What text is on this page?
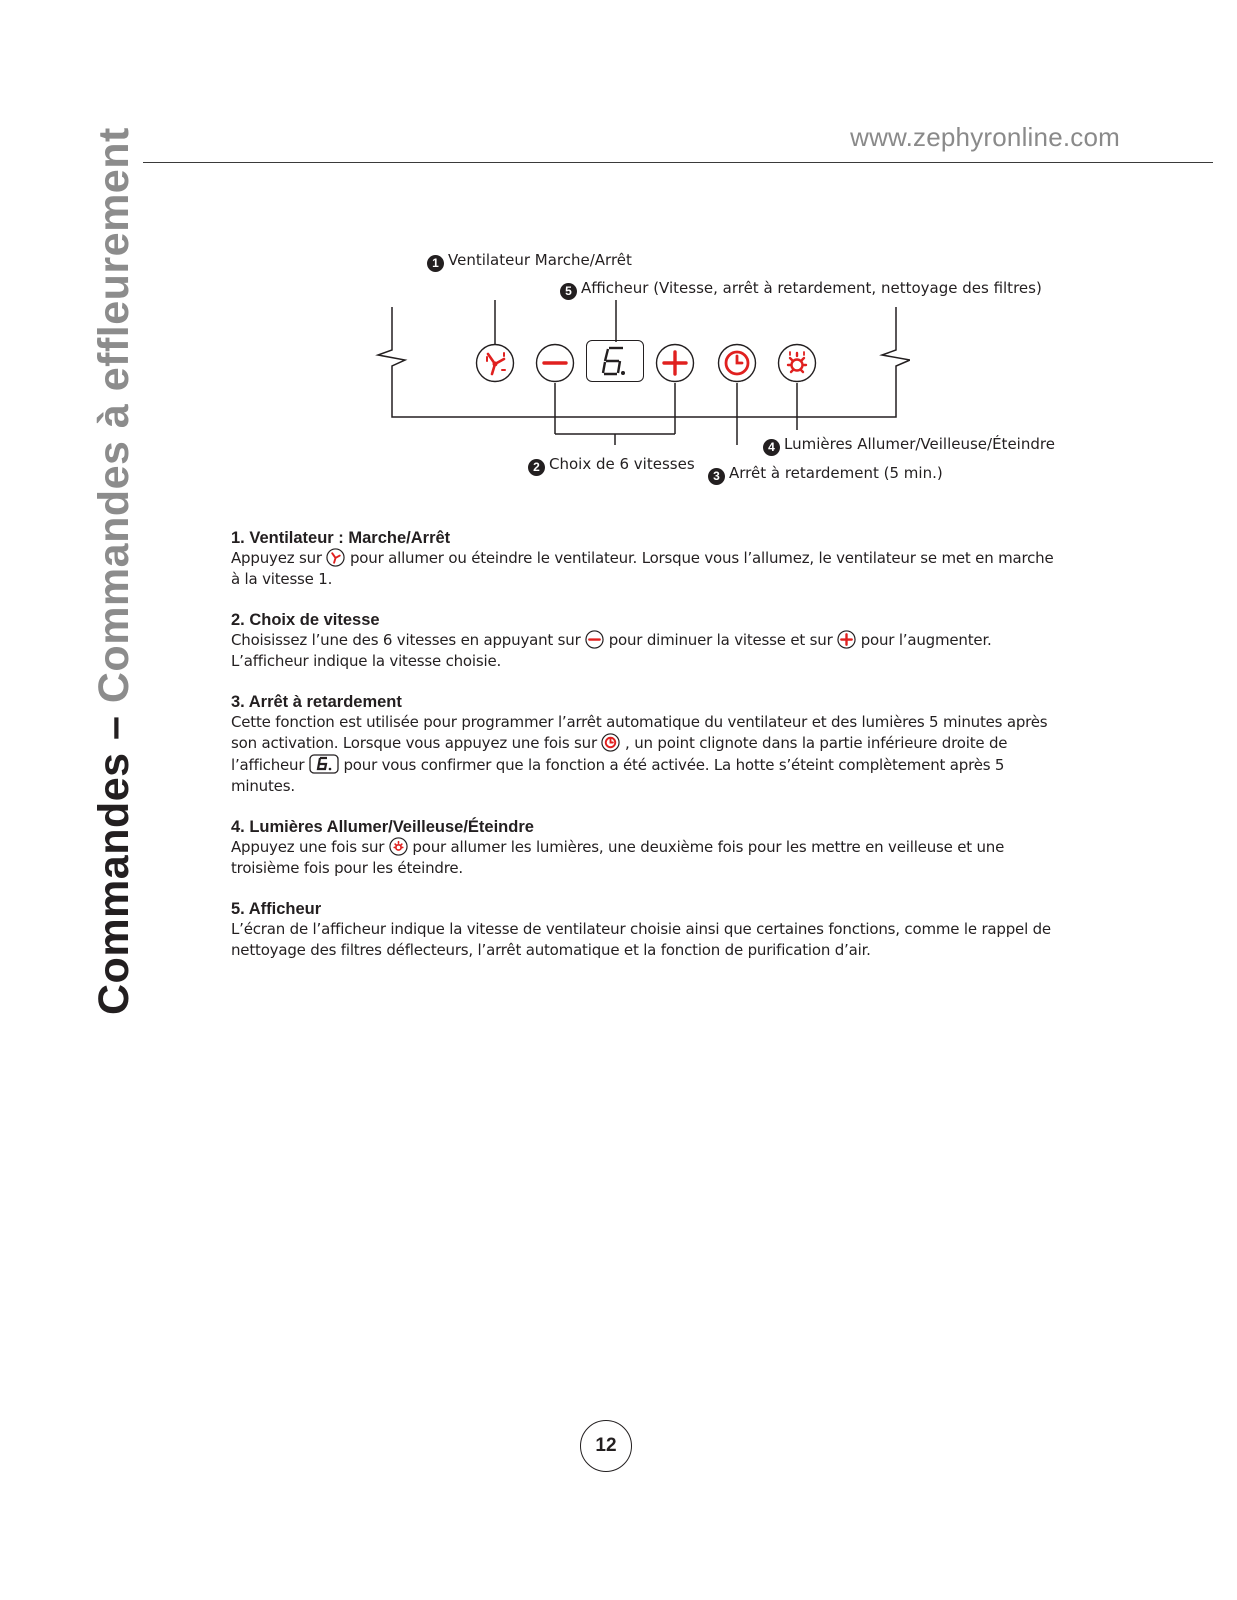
www.zephyronline.com
Commandes – Commandes à effleurement	1 Ventilateur Marche/Arrêt
5 Afficheur (Vitesse, arrêt à retardement, nettoyage des filtres)
4 Lumières Allumer/Veilleuse/Éteindre
2 Choix de 6 vitesses
3 Arrêt à retardement (5 min.)
1. Ventilateur : Marche/Arrêt

Appuyez sur  pour allumer ou éteindre le ventilateur. Lorsque vous l’allumez, le ventilateur se met en marche à la vitesse 1.

2. Choix de vitesse

Choisissez l’une des 6 vitesses en appuyant sur  pour diminuer la vitesse et sur  pour l’augmenter. L’afficheur indique la vitesse choisie.

3. Arrêt à retardement

Cette fonction est utilisée pour programmer l’arrêt automatique du ventilateur et des lumières 5 minutes après son activation. Lorsque vous appuyez une fois sur  , un point clignote dans la partie inférieure droite de l’afficheur  pour vous confirmer que la fonction a été activée. La hotte s’éteint complètement après 5 minutes.

4. Lumières Allumer/Veilleuse/Éteindre

Appuyez une fois sur  pour allumer les lumières, une deuxième fois pour les mettre en veilleuse et une troisième fois pour les éteindre.

5. Afficheur

L’écran de l’afficheur indique la vitesse de ventilateur choisie ainsi que certaines fonctions, comme le rappel de nettoyage des filtres déflecteurs, l’arrêt automatique et la fonction de purification d’air.

12
